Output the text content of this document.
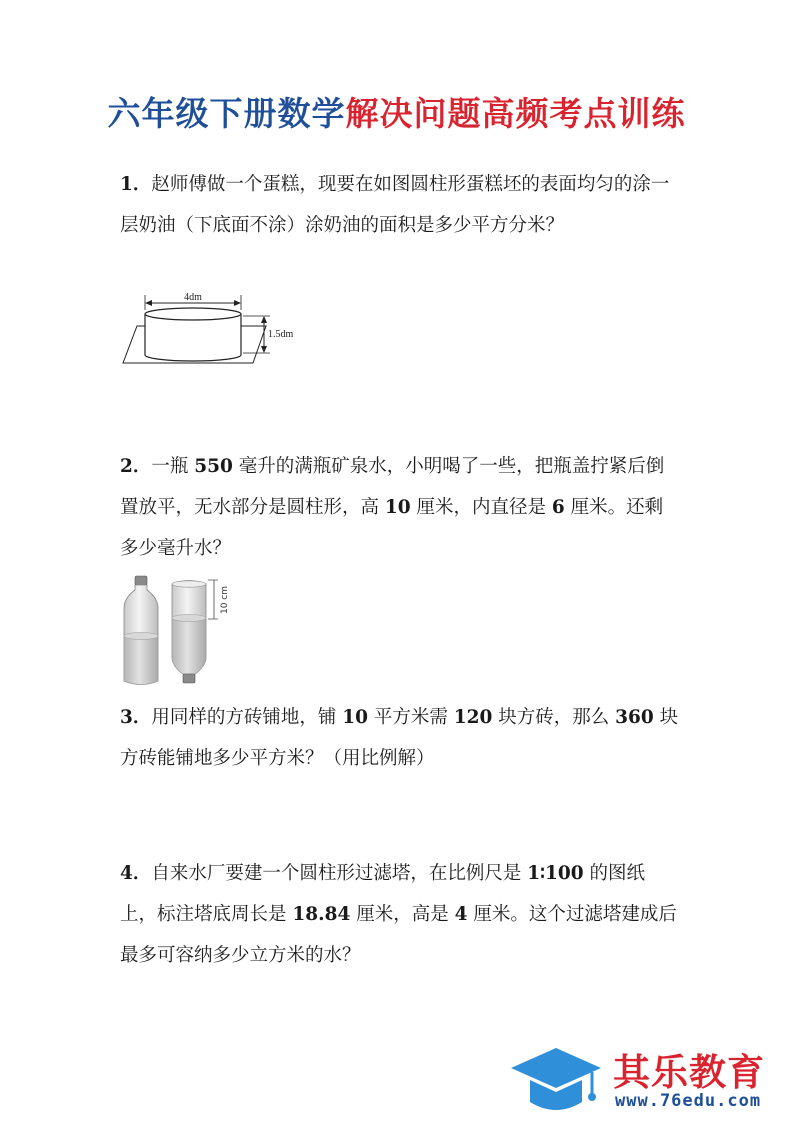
六年级下册数学解决问题高频考点训练

1．赵师傅做一个蛋糕，现要在如图圆柱形蛋糕坯的表面均匀的涂一层奶油（下底面不涂）涂奶油的面积是多少平方分米？

4dm
1.5dm

2．一瓶 550 毫升的满瓶矿泉水，小明喝了一些，把瓶盖拧紧后倒置放平，无水部分是圆柱形，高 10 厘米，内直径是 6 厘米。还剩多少毫升水？

10 cm

3．用同样的方砖铺地，铺 10 平方米需 120 块方砖，那么 360 块方砖能铺地多少平方米？（用比例解）

4．自来水厂要建一个圆柱形过滤塔，在比例尺是 1∶100 的图纸上，标注塔底周长是 18.84 厘米，高是 4 厘米。这个过滤塔建成后最多可容纳多少立方米的水？

其乐教育
www.76edu.com
